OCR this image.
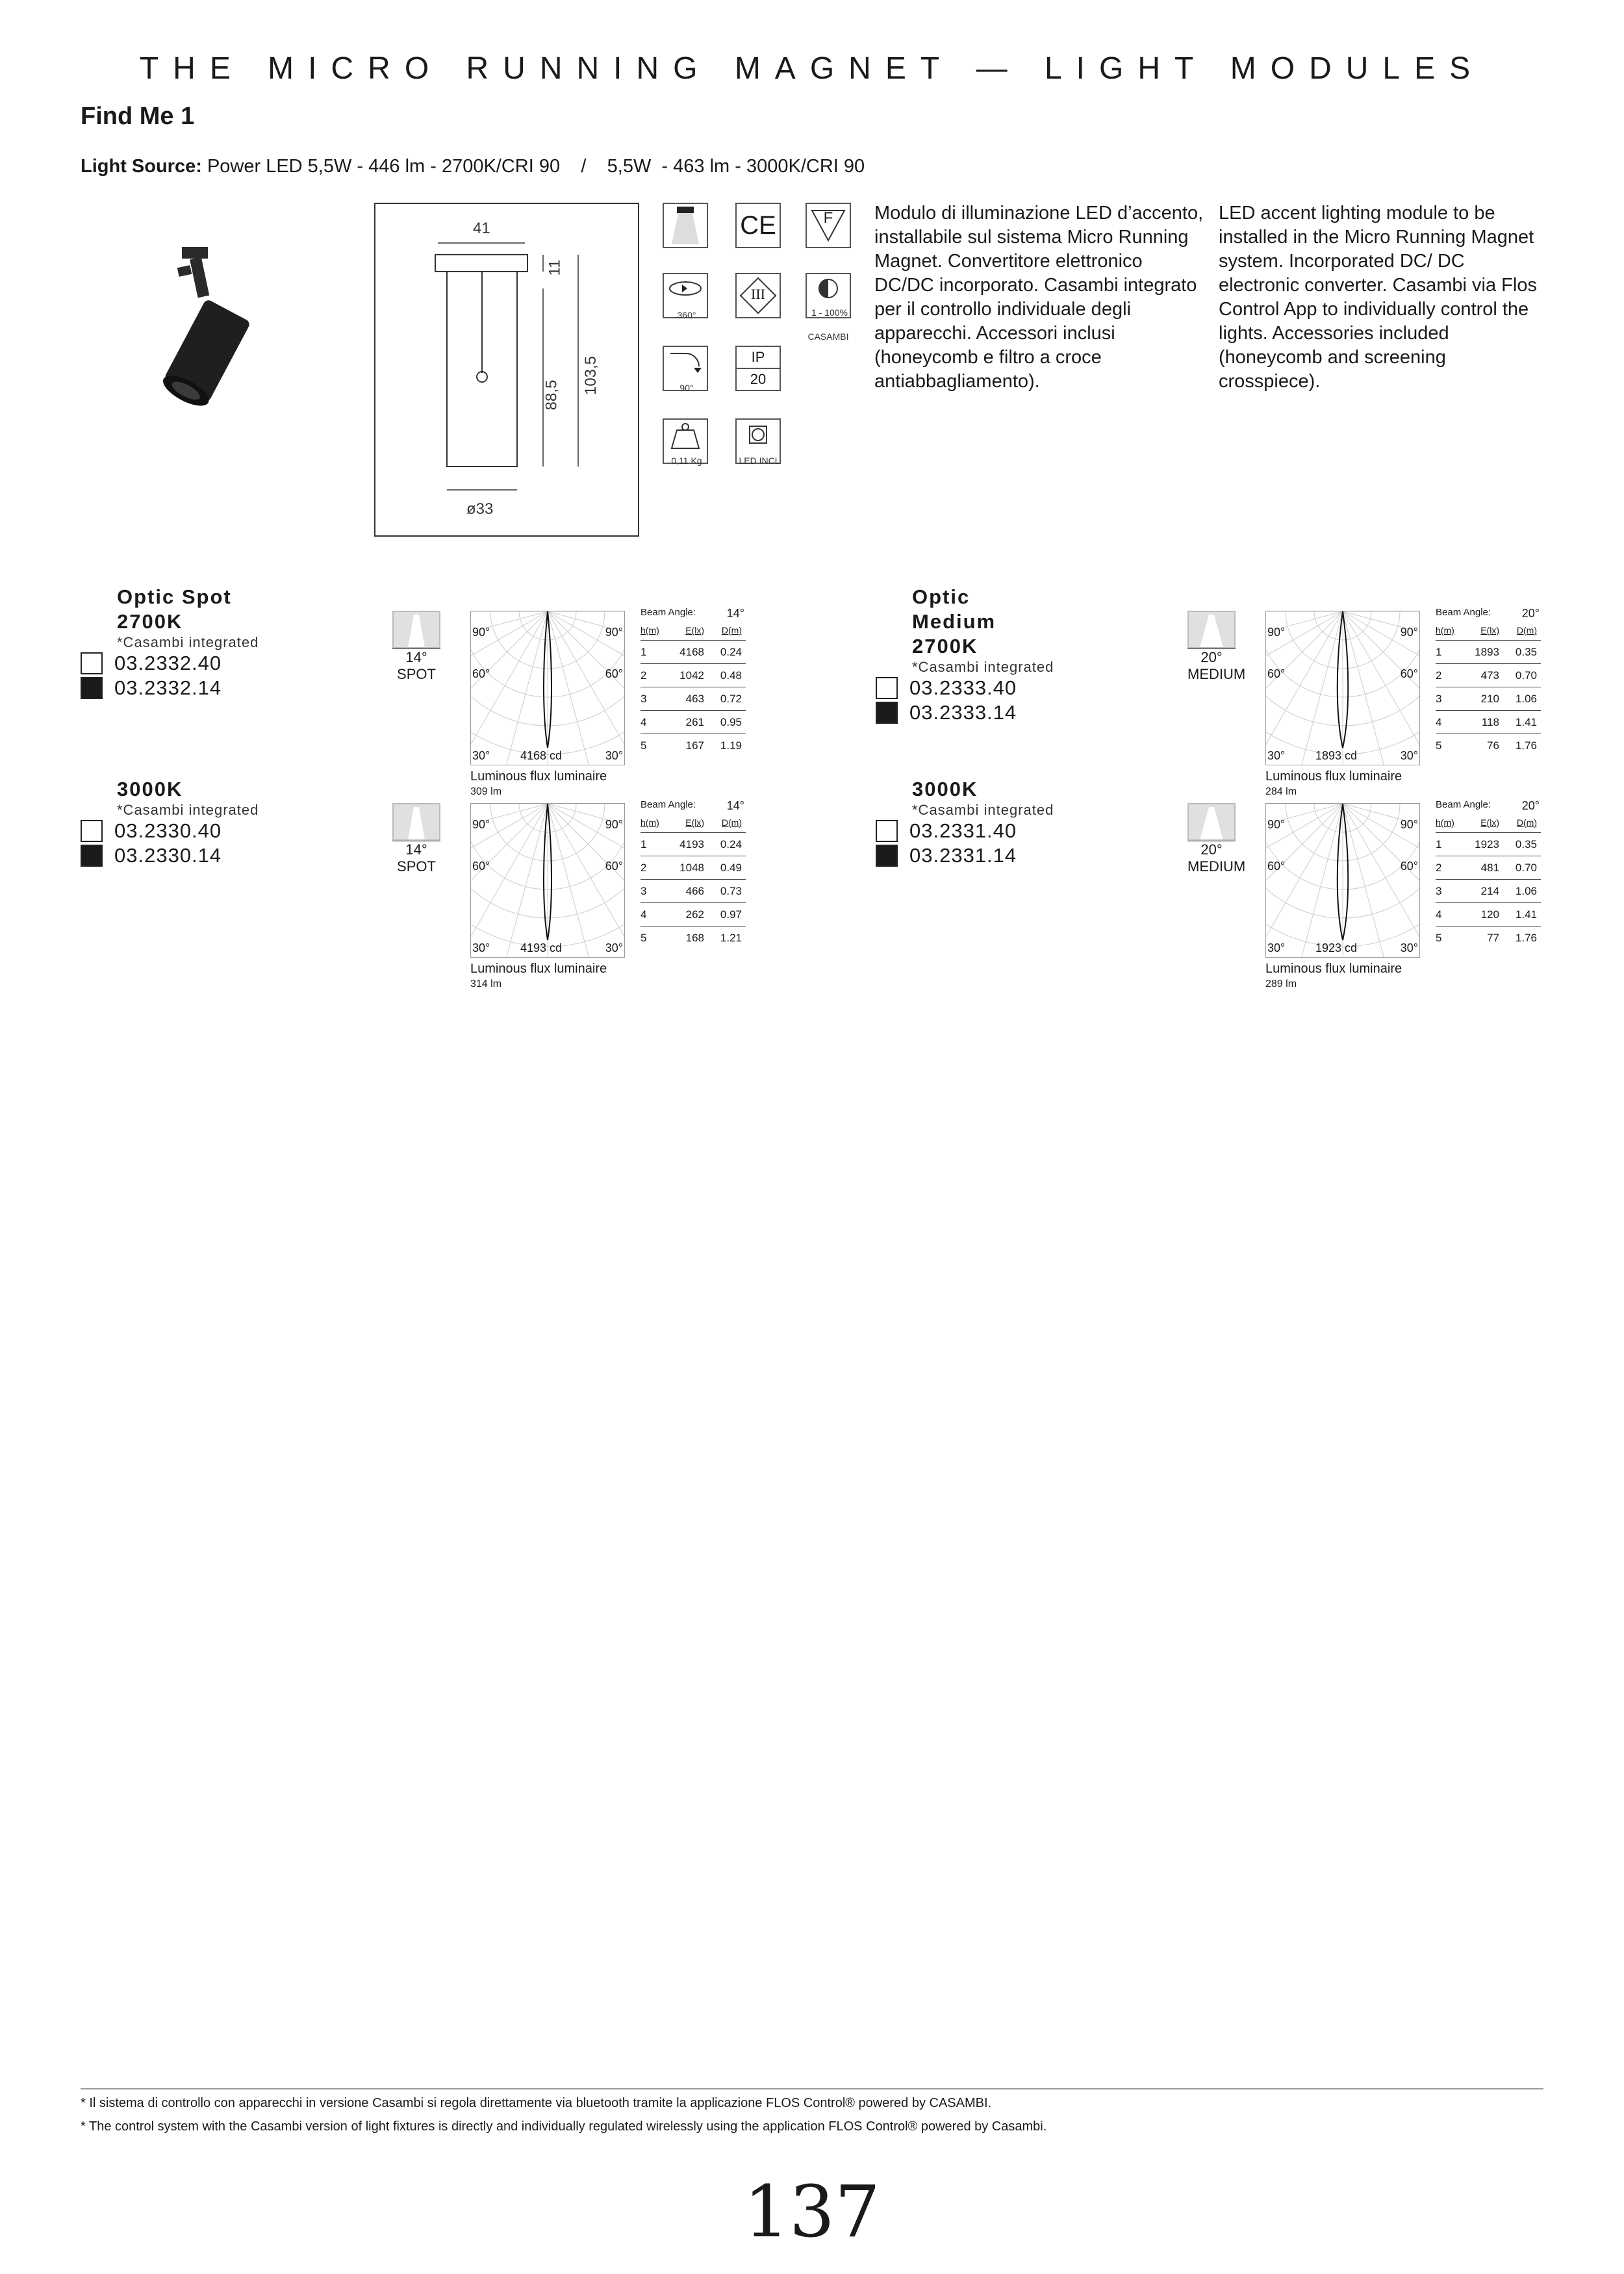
THE MICRO RUNNING MAGNET — LIGHT MODULES
Find Me 1
Light Source: Power LED 5,5W - 446 lm - 2700K/CRI 90    /    5,5W  - 463 lm - 3000K/CRI 90
41
11
88,5 103,5
ø33
CE	F
360°
III
1 - 100%
CASAMBI
90°
IP
20
0,11 Kg	LED INCL
Modulo di illuminazione LED d’accento, installabile sul sistema Micro Running Magnet. Convertitore elettronico DC/DC incorporato. Casambi integrato per il controllo individuale degli apparecchi. Accessori inclusi (honeycomb e filtro a croce antiabbagliamento).
LED accent lighting module to be installed in the Micro Running Magnet system. Incorporated DC/ DC electronic converter. Casambi via Flos Control App to individually control the lights. Accessories included (honeycomb and screening crosspiece).
Optic Spot
2700K
*Casambi integrated
03.2332.40
03.2332.14
14°
SPOT
90°	90°
60°	60°
30°	30°
4168 cd
Luminous flux luminaire
309 lm
Beam Angle:	14°
h(m)	E(lx)	D(m)
1	4168	0.24
2	1042	0.48
3	463	0.72
4	261	0.95
5	167	1.19
Optic Medium
2700K
*Casambi integrated
03.2333.40
03.2333.14
20°
MEDIUM
90°	90°
60°	60°
30°	30°
1893 cd
Luminous flux luminaire
284 lm
Beam Angle:	20°
h(m)	E(lx)	D(m)
1	1893	0.35
2	473	0.70
3	210	1.06
4	118	1.41
5	76	1.76
3000K
*Casambi integrated
03.2330.40
03.2330.14	14°
SPOT
90°	90°
60°	60°
30°	30°
4193 cd
Luminous flux luminaire
314 lm
Beam Angle:	14°
h(m)	E(lx)	D(m)
1	4193	0.24
2	1048	0.49
3	466	0.73
4	262	0.97
5	168	1.21
3000K
*Casambi integrated
03.2331.40
03.2331.14	20°
MEDIUM
90°	90°
60°	60°
30°	30°
1923 cd
Luminous flux luminaire
289 lm
Beam Angle:	20°
h(m)	E(lx)	D(m)
1	1923	0.35
2	481	0.70
3	214	1.06
4	120	1.41
5	77	1.76
* Il sistema di controllo con apparecchi in versione Casambi si regola direttamente via bluetooth tramite la applicazione FLOS Control® powered by CASAMBI.
* The control system with the Casambi version of light fixtures is directly and individually regulated wirelessly using the application FLOS Control® powered by Casambi.
137
